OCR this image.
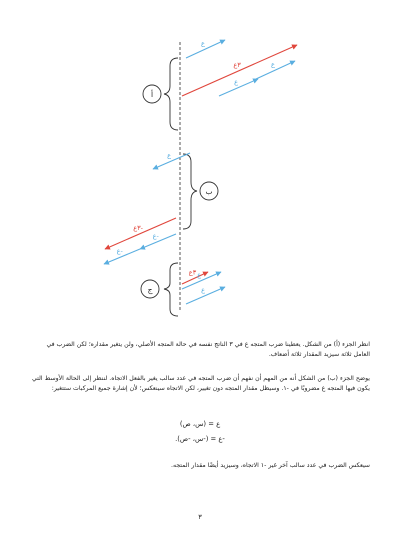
أ
ب
ج
ع
٣ع
ع
ع
ع
٣ع-
ع-
ع-
٣ع ع
ع

انظر الجزء (أ) من الشكل. يعطينا ضرب المتجه ع في ٣ الناتج نفسه في حالة المتجه الأصلي، ولن يتغير مقداره؛ لكن الضرب في العامل ثلاثة سيزيد المقدار ثلاثة أضعاف.

يوضح الجزء (ب) من الشكل أنه من المهم أن نفهم أن ضرب المتجه في عدد سالب يغير بالفعل الاتجاه. لننظر إلى الحالة الأوسط التي يكون فيها المتجه ع مضروبًا في -١. وسيظل مقدار المتجه دون تغيير، لكن الاتجاه سينعكس؛ لأن إشارة جميع المركبات ستتغير:

ع = (س، ص)

-ع = (-س، -ص).

سيعكس الضرب في عدد سالب آخر غير -١ الاتجاه، وسيزيد أيضًا مقدار المتجه.

٣
